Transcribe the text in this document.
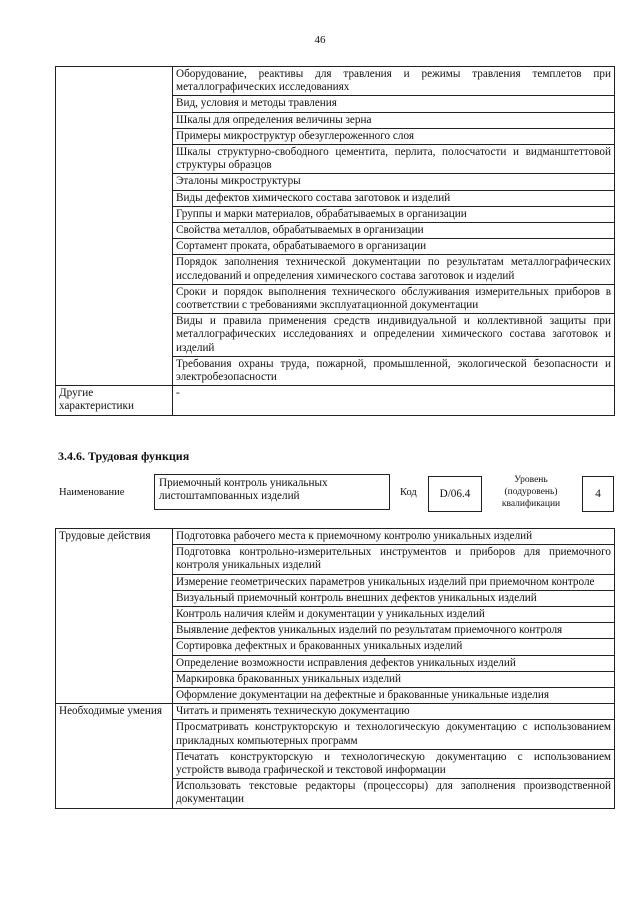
46
	Оборудование, реактивы для травления и режимы травления темплетов при металлографических исследованиях
	Вид, условия и методы травления
	Шкалы для определения величины зерна
	Примеры микроструктур обезуглероженного слоя
	Шкалы структурно-свободного цементита, перлита, полосчатости и видманштеттовой структуры образцов
	Эталоны микроструктуры
	Виды дефектов химического состава заготовок и изделий
	Группы и марки материалов, обрабатываемых в организации
	Свойства металлов, обрабатываемых в организации
	Сортамент проката, обрабатываемого в организации
	Порядок заполнения технической документации по результатам металлографических исследований и определения химического состава заготовок и изделий
	Сроки и порядок выполнения технического обслуживания измерительных приборов в соответствии с требованиями эксплуатационной документации
	Виды и правила применения средств индивидуальной и коллективной защиты при металлографических исследованиях и определении химического состава заготовок и изделий
	Требования охраны труда, пожарной, промышленной, экологической безопасности и электробезопасности
Другие характеристики	-
3.4.6. Трудовая функция
Наименование
Приемочный контроль уникальных листоштампованных изделий	Код	D/06.4
Уровень (подуровень) квалификации
4
Трудовые действия	Подготовка рабочего места к приемочному контролю уникальных изделий
	Подготовка контрольно-измерительных инструментов и приборов для приемочного контроля уникальных изделий
	Измерение геометрических параметров уникальных изделий при приемочном контроле
	Визуальный приемочный контроль внешних дефектов уникальных изделий
	Контроль наличия клейм и документации у уникальных изделий
	Выявление дефектов уникальных изделий по результатам приемочного контроля
	Сортировка дефектных и бракованных уникальных изделий
	Определение возможности исправления дефектов уникальных изделий
	Маркировка бракованных уникальных изделий
	Оформление документации на дефектные и бракованные уникальные изделия
Необходимые умения	Читать и применять техническую документацию
	Просматривать конструкторскую и технологическую документацию с использованием прикладных компьютерных программ
	Печатать конструкторскую и технологическую документацию с использованием устройств вывода графической и текстовой информации
	Использовать текстовые редакторы (процессоры) для заполнения производственной документации
